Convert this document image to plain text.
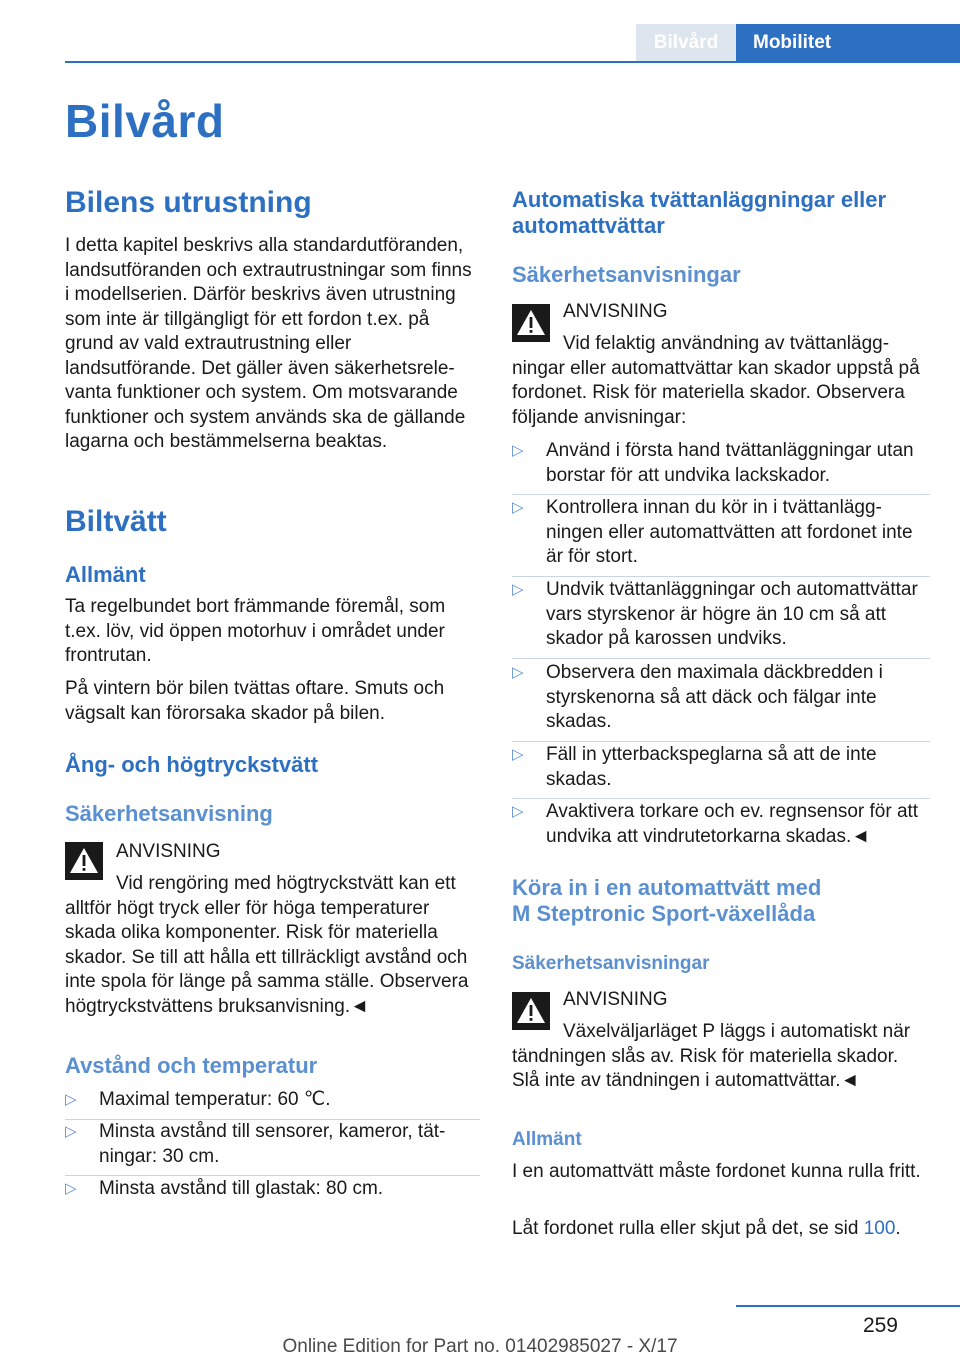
Bilvård	Mobilitet
Bilvård
Bilens utrustning
I detta kapitel beskrivs alla standardutföranden, landsutföranden och extrautrustningar som finns i modellserien. Därför beskrivs även utrustning som inte är tillgängligt för ett fordon t.ex. på grund av vald extrautrustning eller landsutförande. Det gäller även säkerhetsrelevanta funktioner och system. Om motsvarande funktioner och system används ska de gällande lagarna och bestämmelserna beaktas.
Biltvätt
Allmänt
Ta regelbundet bort främmande föremål, som t.ex. löv, vid öppen motorhuv i området under frontrutan.
På vintern bör bilen tvättas oftare. Smuts och vägsalt kan förorsaka skador på bilen.
Ång- och högtryckstvätt
Säkerhetsanvisning
ANVISNING
Vid rengöring med högtryckstvätt kan ett alltför högt tryck eller för höga temperaturer skada olika komponenter. Risk för materiella skador. Se till att hålla ett tillräckligt avstånd och inte spola för länge på samma ställe. Observera högtryckstvättens bruksanvisning.◄
Avstånd och temperatur
▷ Maximal temperatur: 60 ℃.
▷ Minsta avstånd till sensorer, kameror, tätningar: 30 cm.
▷ Minsta avstånd till glastak: 80 cm.
Automatiska tvättanläggningar eller automattvättar
Säkerhetsanvisningar
ANVISNING
Vid felaktig användning av tvättanläggningar eller automattvättar kan skador uppstå på fordonet. Risk för materiella skador. Observera följande anvisningar:
▷ Använd i första hand tvättanläggningar utan borstar för att undvika lackskador.
▷ Kontrollera innan du kör in i tvättanläggningen eller automattvätten att fordonet inte är för stort.
▷ Undvik tvättanläggningar och automattvättar vars styrskenor är högre än 10 cm så att skador på karossen undviks.
▷ Observera den maximala däckbredden i styrskenorna så att däck och fälgar inte skadas.
▷ Fäll in ytterbackspeglarna så att de inte skadas.
▷ Avaktivera torkare och ev. regnsensor för att undvika att vindrutetorkarna skadas.◄
Köra in i en automattvätt med M Steptronic Sport-växellåda
Säkerhetsanvisningar
ANVISNING
Växelväljarläget P läggs i automatiskt när tändningen slås av. Risk för materiella skador. Slå inte av tändningen i automattvättar.◄
Allmänt
I en automattvätt måste fordonet kunna rulla fritt.
Låt fordonet rulla eller skjut på det, se sid 100.
259
Online Edition for Part no. 01402985027 - X/17
